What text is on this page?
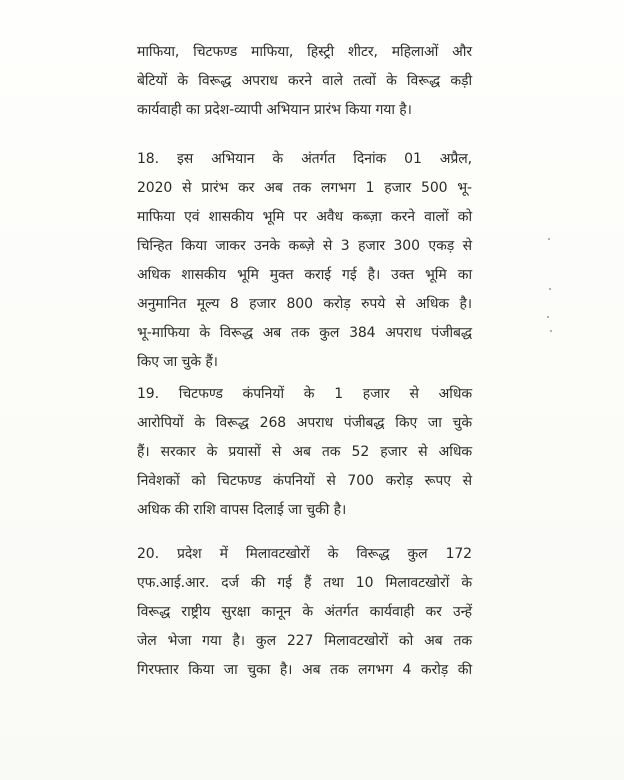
माफिया, चिटफण्ड माफिया, हिस्ट्री शीटर, महिलाओं और
बेटियों के विरूद्ध अपराध करने वाले तत्वों के विरूद्ध कड़ी
कार्यवाही का प्रदेश-व्यापी अभियान प्रारंभ किया गया है।
18. इस अभियान के अंतर्गत दिनांक 01 अप्रैल,
2020 से प्रारंभ कर अब तक लगभग 1 हजार 500 भू-
माफिया एवं शासकीय भूमि पर अवैध कब्ज़ा करने वालों को
चिन्हित किया जाकर उनके कब्ज़े से 3 हजार 300 एकड़ से
अधिक शासकीय भूमि मुक्त कराई गई है। उक्त भूमि का
अनुमानित मूल्य 8 हजार 800 करोड़ रुपये से अधिक है।
भू-माफिया के विरूद्ध अब तक कुल 384 अपराध पंजीबद्ध
किए जा चुके हैं।
19. चिटफण्ड कंपनियों के 1 हजार से अधिक
आरोपियों के विरूद्ध 268 अपराध पंजीबद्ध किए जा चुके
हैं। सरकार के प्रयासों से अब तक 52 हजार से अधिक
निवेशकों को चिटफण्ड कंपनियों से 700 करोड़ रूपए से
अधिक की राशि वापस दिलाई जा चुकी है।
20. प्रदेश में मिलावटखोरों के विरूद्ध कुल 172
एफ.आई.आर. दर्ज की गई हैं तथा 10 मिलावटखोरों के
विरूद्ध राष्ट्रीय सुरक्षा कानून के अंतर्गत कार्यवाही कर उन्हें
जेल भेजा गया है। कुल 227 मिलावटखोरों को अब तक
गिरफ्तार किया जा चुका है। अब तक लगभग 4 करोड़ की
